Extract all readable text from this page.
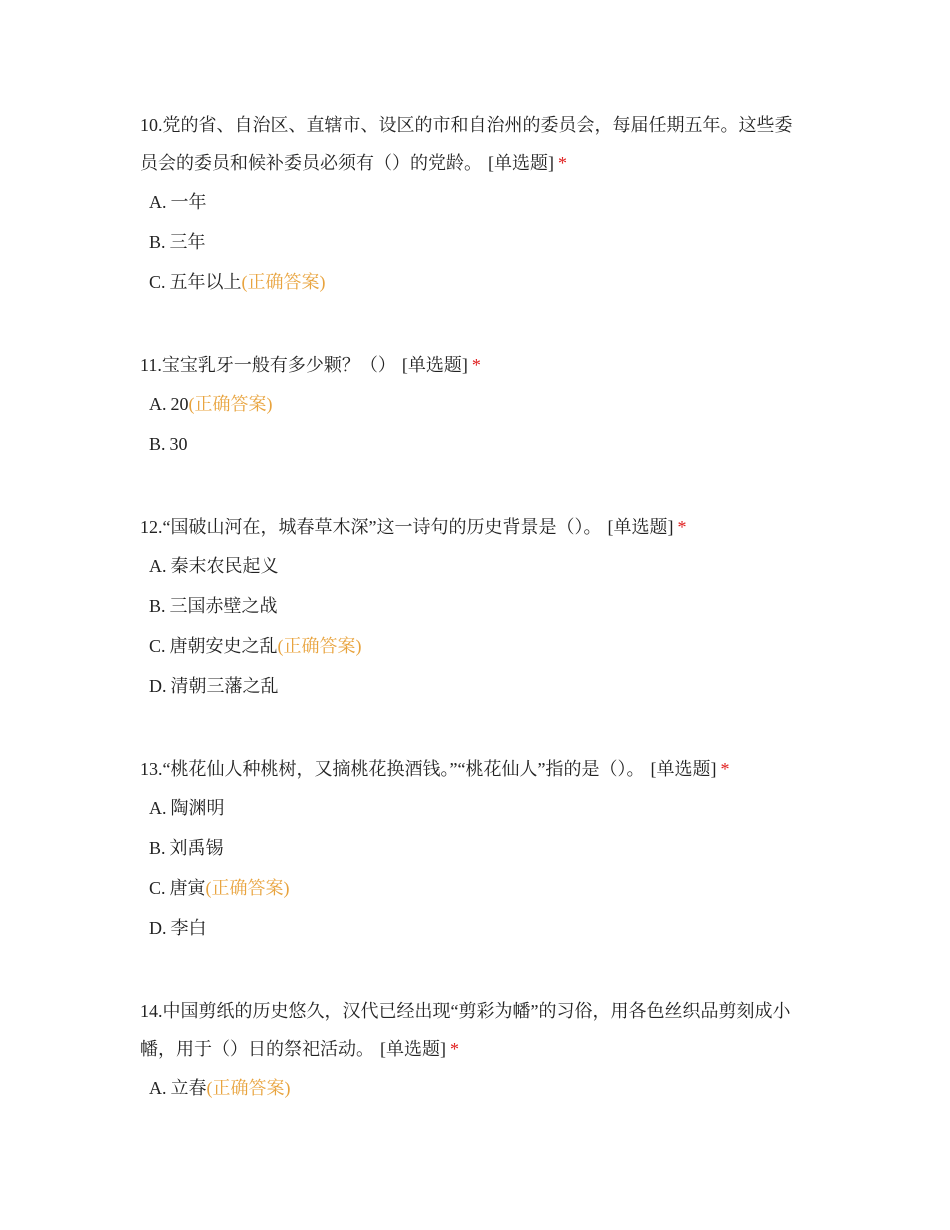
10.党的省、自治区、直辖市、设区的市和自治州的委员会，每届任期五年。这些委员会的委员和候补委员必须有（）的党龄。 [单选题] *

A. 一年
B. 三年
C. 五年以上(正确答案)

11.宝宝乳牙一般有多少颗？（） [单选题] *

A. 20(正确答案)
B. 30

12.“国破山河在，城春草木深”这一诗句的历史背景是（）。 [单选题] *

A. 秦末农民起义
B. 三国赤壁之战
C. 唐朝安史之乱(正确答案)
D. 清朝三藩之乱

13.“桃花仙人种桃树，又摘桃花换酒钱。”“桃花仙人”指的是（）。 [单选题] *

A. 陶渊明
B. 刘禹锡
C. 唐寅(正确答案)
D. 李白

14.中国剪纸的历史悠久，汉代已经出现“剪彩为幡”的习俗，用各色丝织品剪刻成小幡，用于（）日的祭祀活动。 [单选题] *

A. 立春(正确答案)
